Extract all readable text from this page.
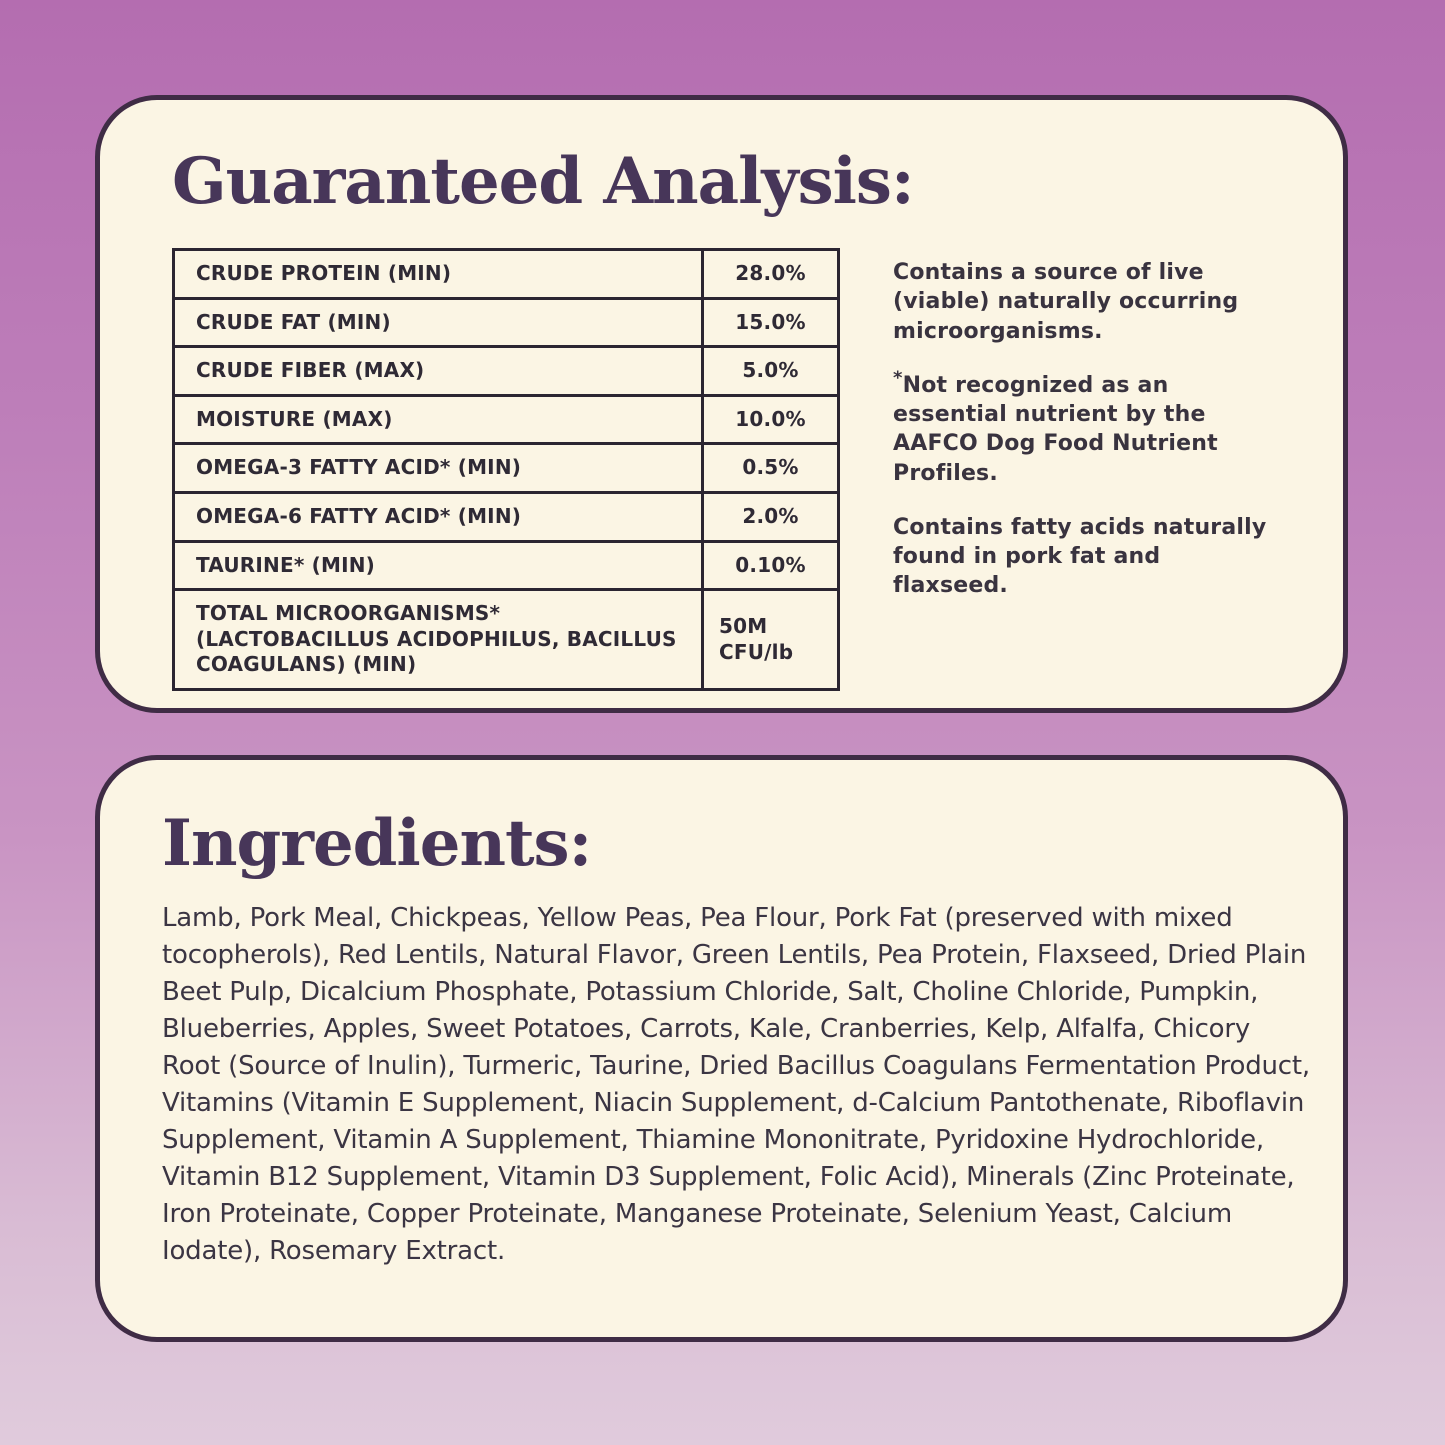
Guaranteed Analysis:
CRUDE PROTEIN (MIN)	28.0%
CRUDE FAT (MIN)	15.0%
CRUDE FIBER (MAX)	5.0%
MOISTURE (MAX)	10.0%
OMEGA-3 FATTY ACID* (MIN)	0.5%
OMEGA-6 FATTY ACID* (MIN)	2.0%
TAURINE* (MIN)	0.10%
TOTAL MICROORGANISMS* (LACTOBACILLUS ACIDOPHILUS, BACILLUS COAGULANS) (MIN)	50M CFU/lb

Contains a source of live (viable) naturally occurring microorganisms.

*Not recognized as an essential nutrient by the AAFCO Dog Food Nutrient Profiles.

Contains fatty acids naturally found in pork fat and flaxseed.

Ingredients:

Lamb, Pork Meal, Chickpeas, Yellow Peas, Pea Flour, Pork Fat (preserved with mixed tocopherols), Red Lentils, Natural Flavor, Green Lentils, Pea Protein, Flaxseed, Dried Plain Beet Pulp, Dicalcium Phosphate, Potassium Chloride, Salt, Choline Chloride, Pumpkin, Blueberries, Apples, Sweet Potatoes, Carrots, Kale, Cranberries, Kelp, Alfalfa, Chicory Root (Source of Inulin), Turmeric, Taurine, Dried Bacillus Coagulans Fermentation Product, Vitamins (Vitamin E Supplement, Niacin Supplement, d-Calcium Pantothenate, Riboflavin Supplement, Vitamin A Supplement, Thiamine Mononitrate, Pyridoxine Hydrochloride, Vitamin B12 Supplement, Vitamin D3 Supplement, Folic Acid), Minerals (Zinc Proteinate, Iron Proteinate, Copper Proteinate, Manganese Proteinate, Selenium Yeast, Calcium Iodate), Rosemary Extract.
